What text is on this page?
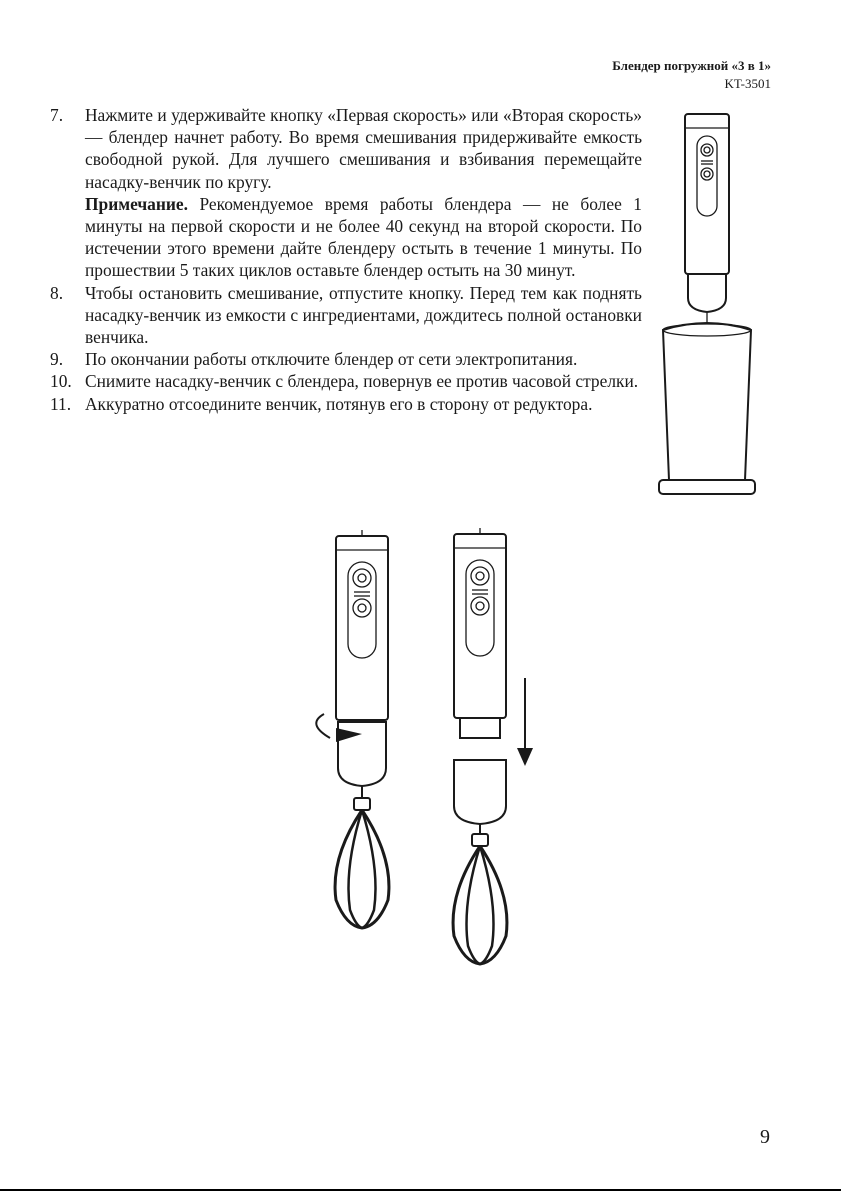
Блендер погружной «3 в 1»
KT-3501
7. Нажмите и удерживайте кнопку «Первая скорость» или «Вторая скорость» — блендер начнет работу. Во время смешивания придерживайте емкость свободной рукой. Для лучшего смешивания и взбивания перемещайте насадку-венчик по кругу.
Примечание. Рекомендуемое время работы блендера — не более 1 минуты на первой скорости и не более 40 секунд на второй скорости. По истечении этого времени дайте блендеру остыть в течение 1 минуты. По прошествии 5 таких циклов оставьте блендер остыть на 30 минут.
8. Чтобы остановить смешивание, отпустите кнопку. Перед тем как поднять насадку-венчик из емкости с ингредиентами, дождитесь полной остановки венчика.
9. По окончании работы отключите блендер от сети электропитания.
10. Снимите насадку-венчик с блендера, повернув ее против часовой стрелки.
11. Аккуратно отсоедините венчик, потянув его в сторону от редуктора.
9
